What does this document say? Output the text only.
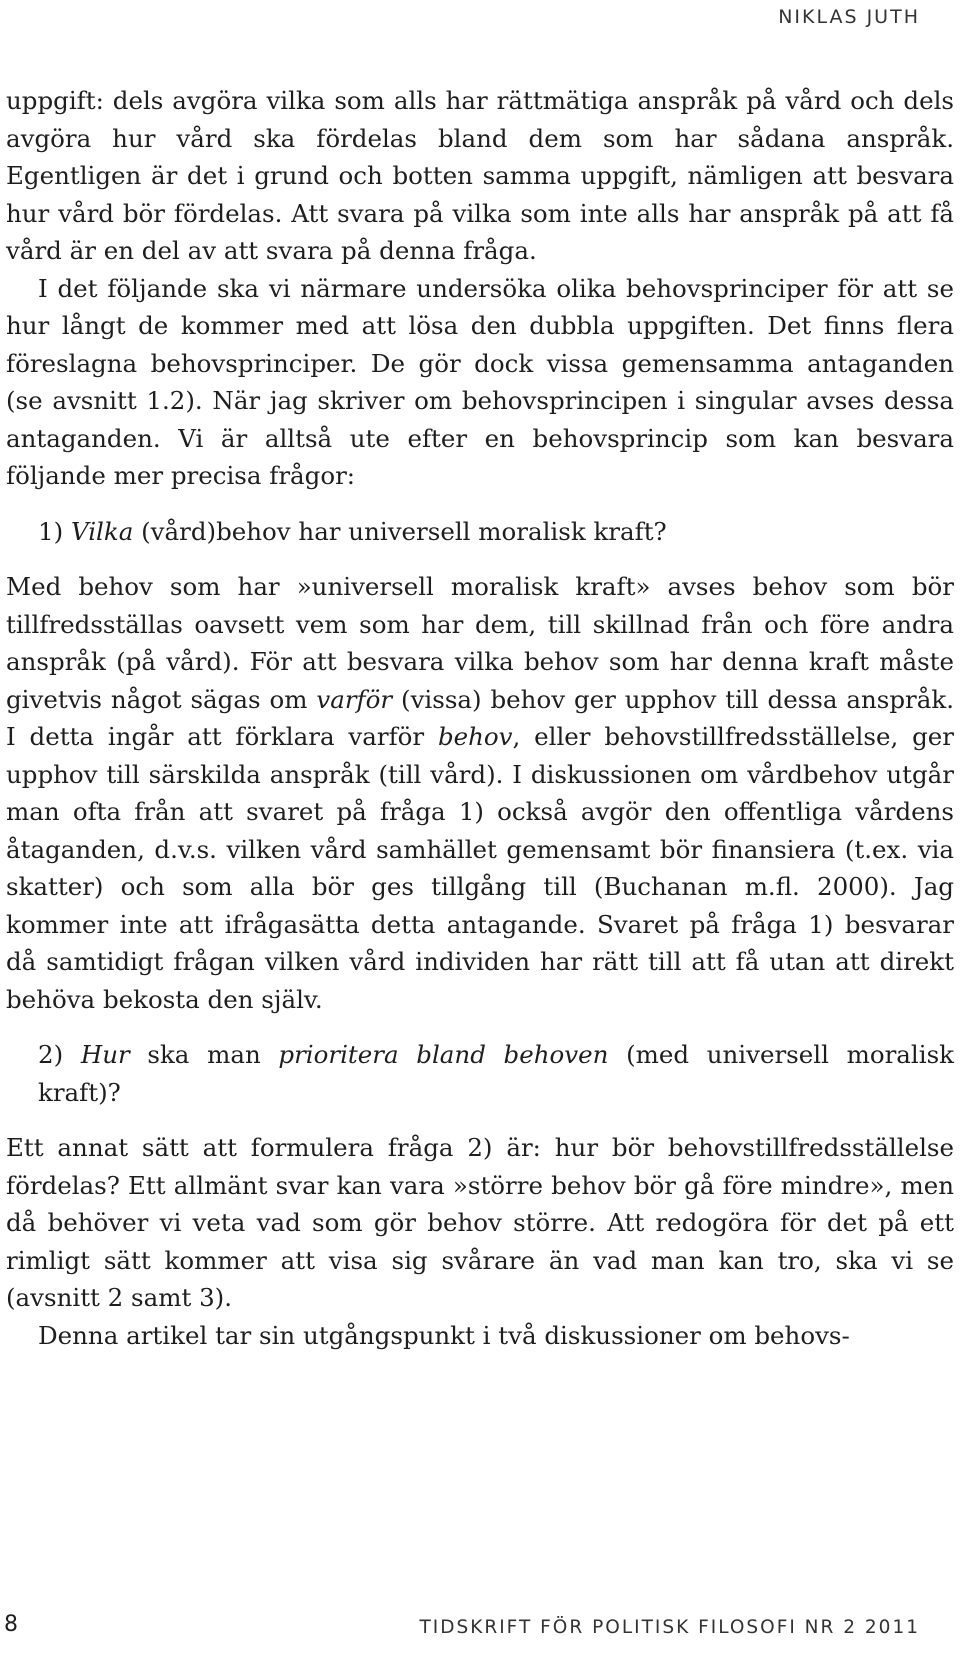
NIKLAS JUTH

uppgift: dels avgöra vilka som alls har rättmätiga anspråk på vård och dels avgöra hur vård ska fördelas bland dem som har sådana anspråk. Egentligen är det i grund och botten samma uppgift, nämligen att besvara hur vård bör fördelas. Att svara på vilka som inte alls har anspråk på att få vård är en del av att svara på denna fråga.

I det följande ska vi närmare undersöka olika behovsprinciper för att se hur långt de kommer med att lösa den dubbla uppgiften. Det finns flera föreslagna behovsprinciper. De gör dock vissa gemensamma antaganden (se avsnitt 1.2). När jag skriver om behovsprincipen i singular avses dessa antaganden. Vi är alltså ute efter en behovsprincip som kan besvara följande mer precisa frågor:

1) Vilka (vård)behov har universell moralisk kraft?

Med behov som har »universell moralisk kraft» avses behov som bör tillfredsställas oavsett vem som har dem, till skillnad från och före andra anspråk (på vård). För att besvara vilka behov som har denna kraft måste givetvis något sägas om varför (vissa) behov ger upphov till dessa anspråk. I detta ingår att förklara varför behov, eller behovstillfredsställelse, ger upphov till särskilda anspråk (till vård). I diskussionen om vårdbehov utgår man ofta från att svaret på fråga 1) också avgör den offentliga vårdens åtaganden, d.v.s. vilken vård samhället gemensamt bör finansiera (t.ex. via skatter) och som alla bör ges tillgång till (Buchanan m.fl. 2000). Jag kommer inte att ifrågasätta detta antagande. Svaret på fråga 1) besvarar då samtidigt frågan vilken vård individen har rätt till att få utan att direkt behöva bekosta den själv.

2) Hur ska man prioritera bland behoven (med universell moralisk kraft)?

Ett annat sätt att formulera fråga 2) är: hur bör behovstillfredsställelse fördelas? Ett allmänt svar kan vara »större behov bör gå före mindre», men då behöver vi veta vad som gör behov större. Att redogöra för det på ett rimligt sätt kommer att visa sig svårare än vad man kan tro, ska vi se (avsnitt 2 samt 3).

Denna artikel tar sin utgångspunkt i två diskussioner om behovs-

8	TIDSKRIFT FÖR POLITISK FILOSOFI NR 2 2011
